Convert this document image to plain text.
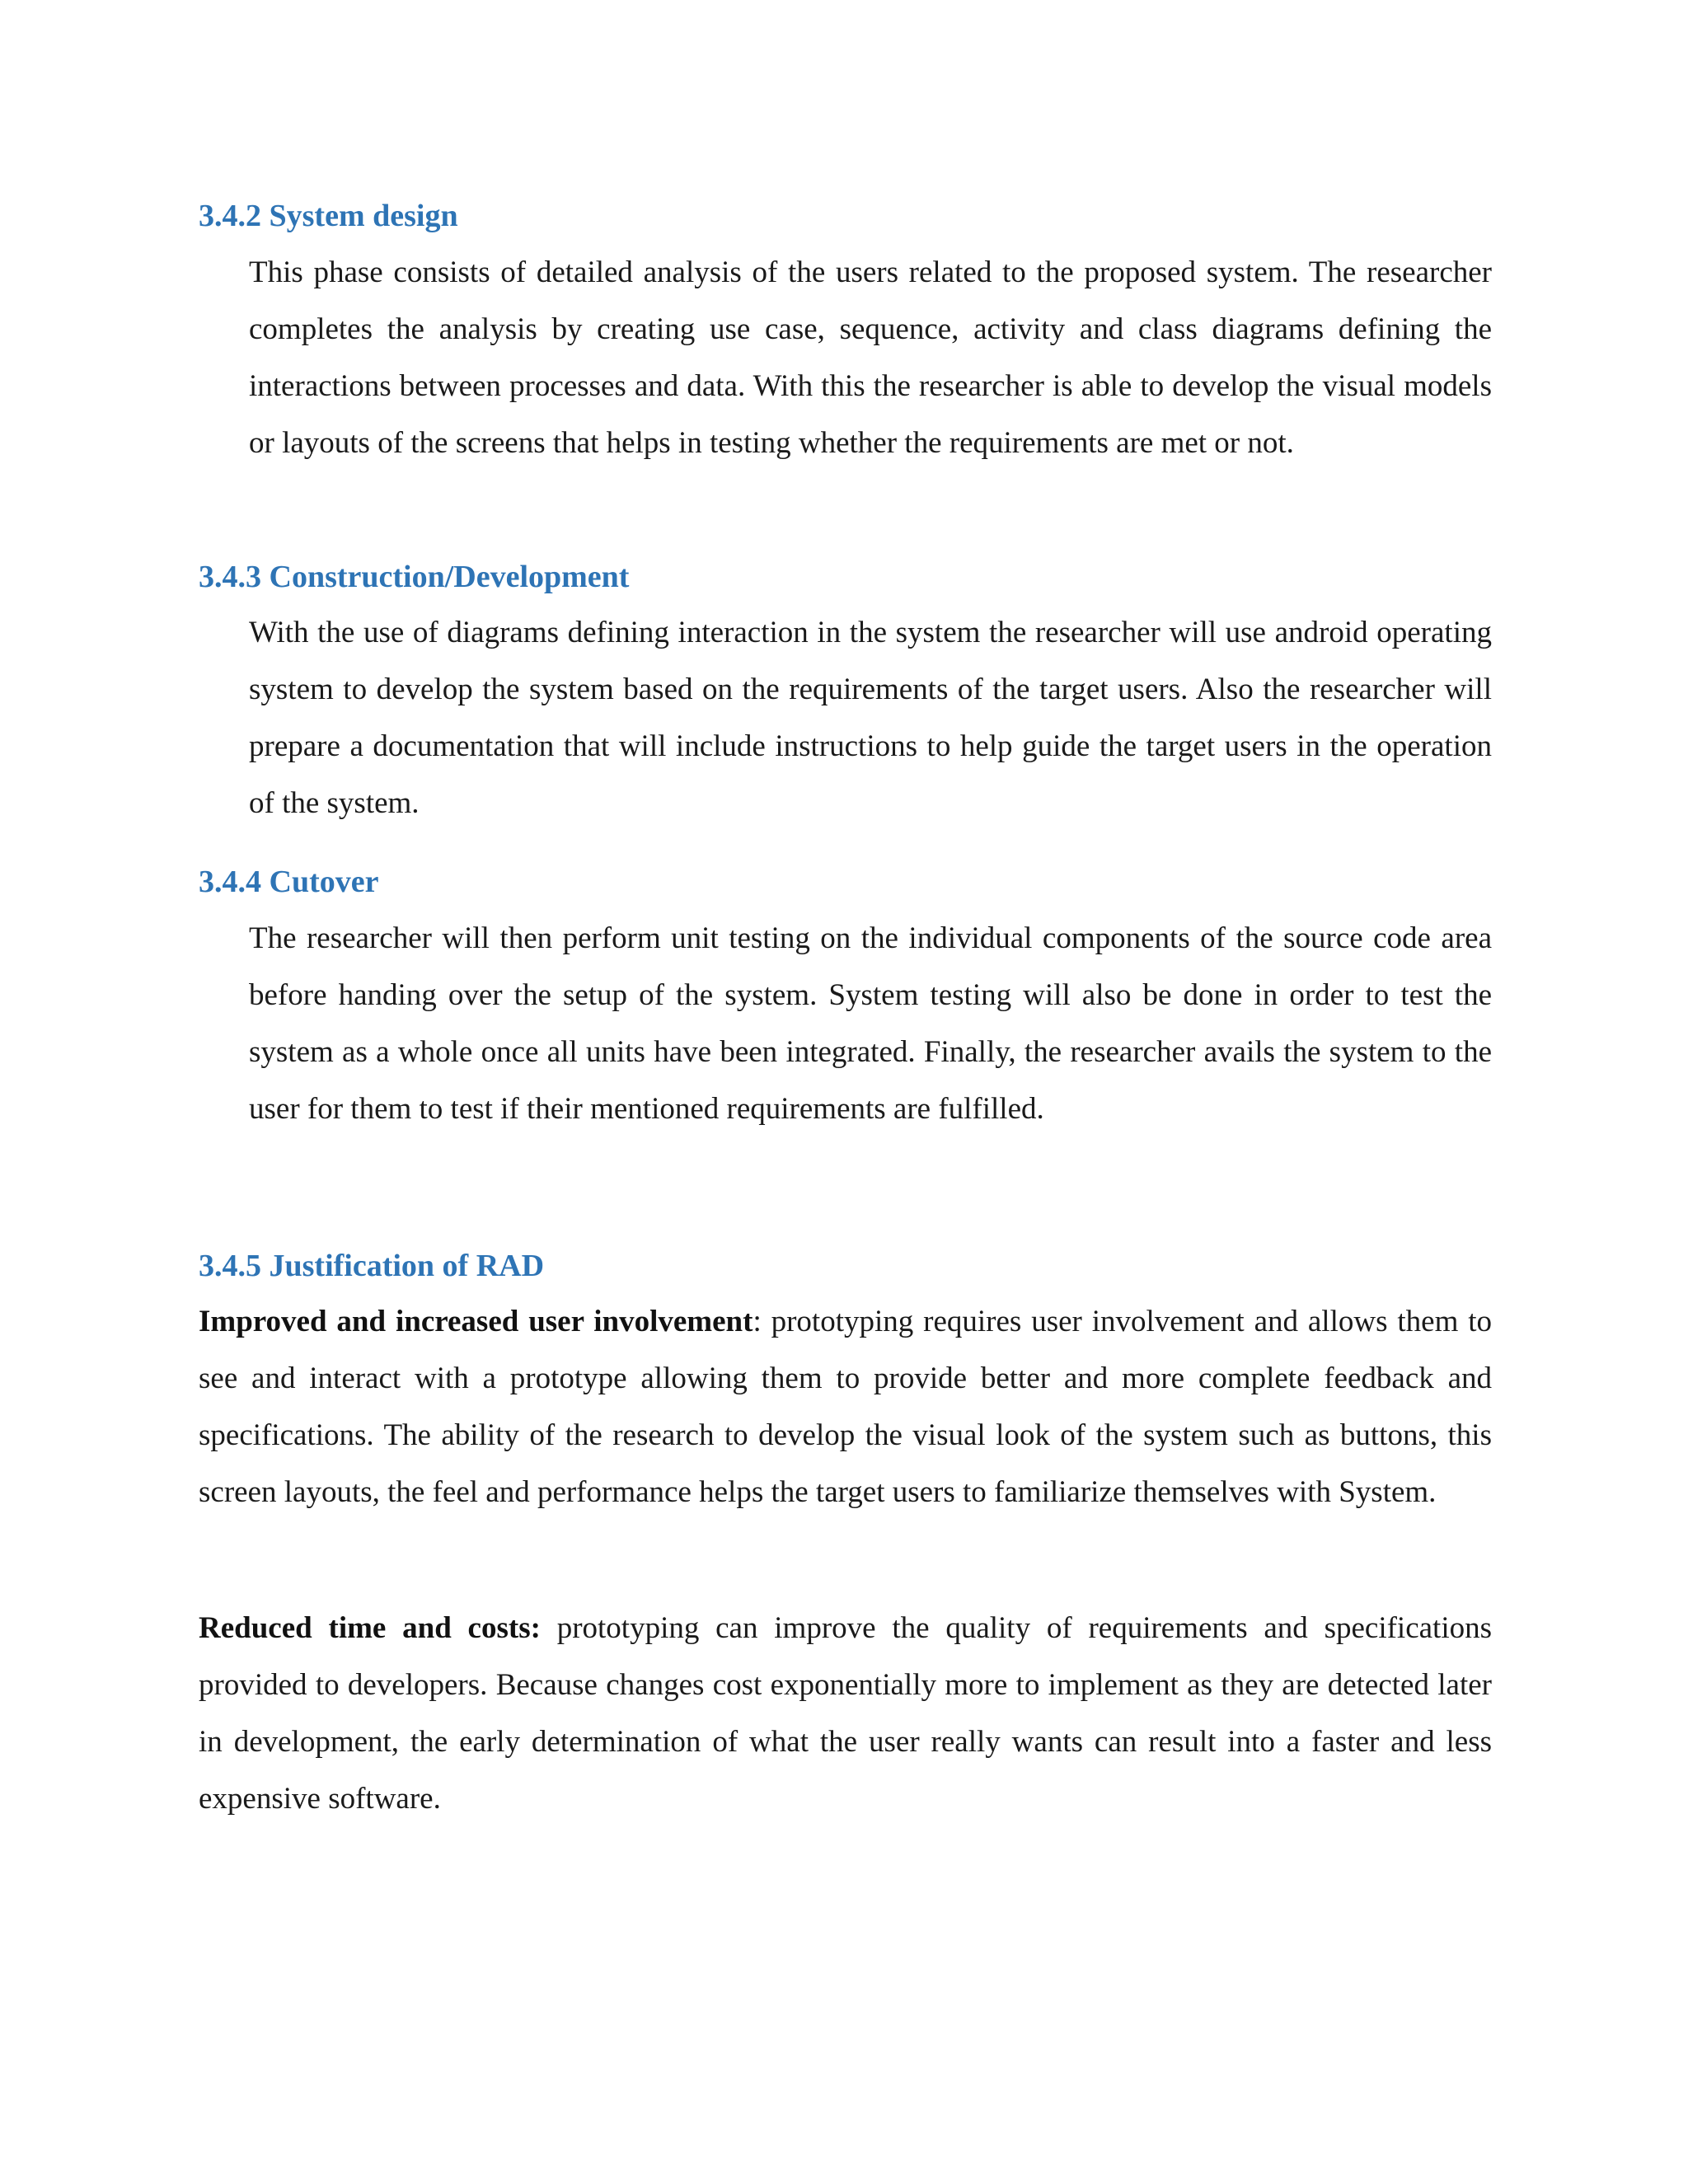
3.4.2 System design

This phase consists of detailed analysis of the users related to the proposed system. The researcher completes the analysis by creating use case, sequence, activity and class diagrams defining the interactions between processes and data. With this the researcher is able to develop the visual models or layouts of the screens that helps in testing whether the requirements are met or not.

3.4.3 Construction/Development

With the use of diagrams defining interaction in the system the researcher will use android operating system to develop the system based on the requirements of the target users. Also the researcher will prepare a documentation that will include instructions to help guide the target users in the operation of the system.

3.4.4 Cutover

The researcher will then perform unit testing on the individual components of the source code area before handing over the setup of the system. System testing will also be done in order to test the system as a whole once all units have been integrated. Finally, the researcher avails the system to the user for them to test if their mentioned requirements are fulfilled.

3.4.5 Justification of RAD

Improved and increased user involvement: prototyping requires user involvement and allows them to see and interact with a prototype allowing them to provide better and more complete feedback and specifications. The ability of the research to develop the visual look of the system such as buttons, this screen layouts, the feel and performance helps the target users to familiarize themselves with System.

Reduced time and costs: prototyping can improve the quality of requirements and specifications provided to developers. Because changes cost exponentially more to implement as they are detected later in development, the early determination of what the user really wants can result into a faster and less expensive software.
